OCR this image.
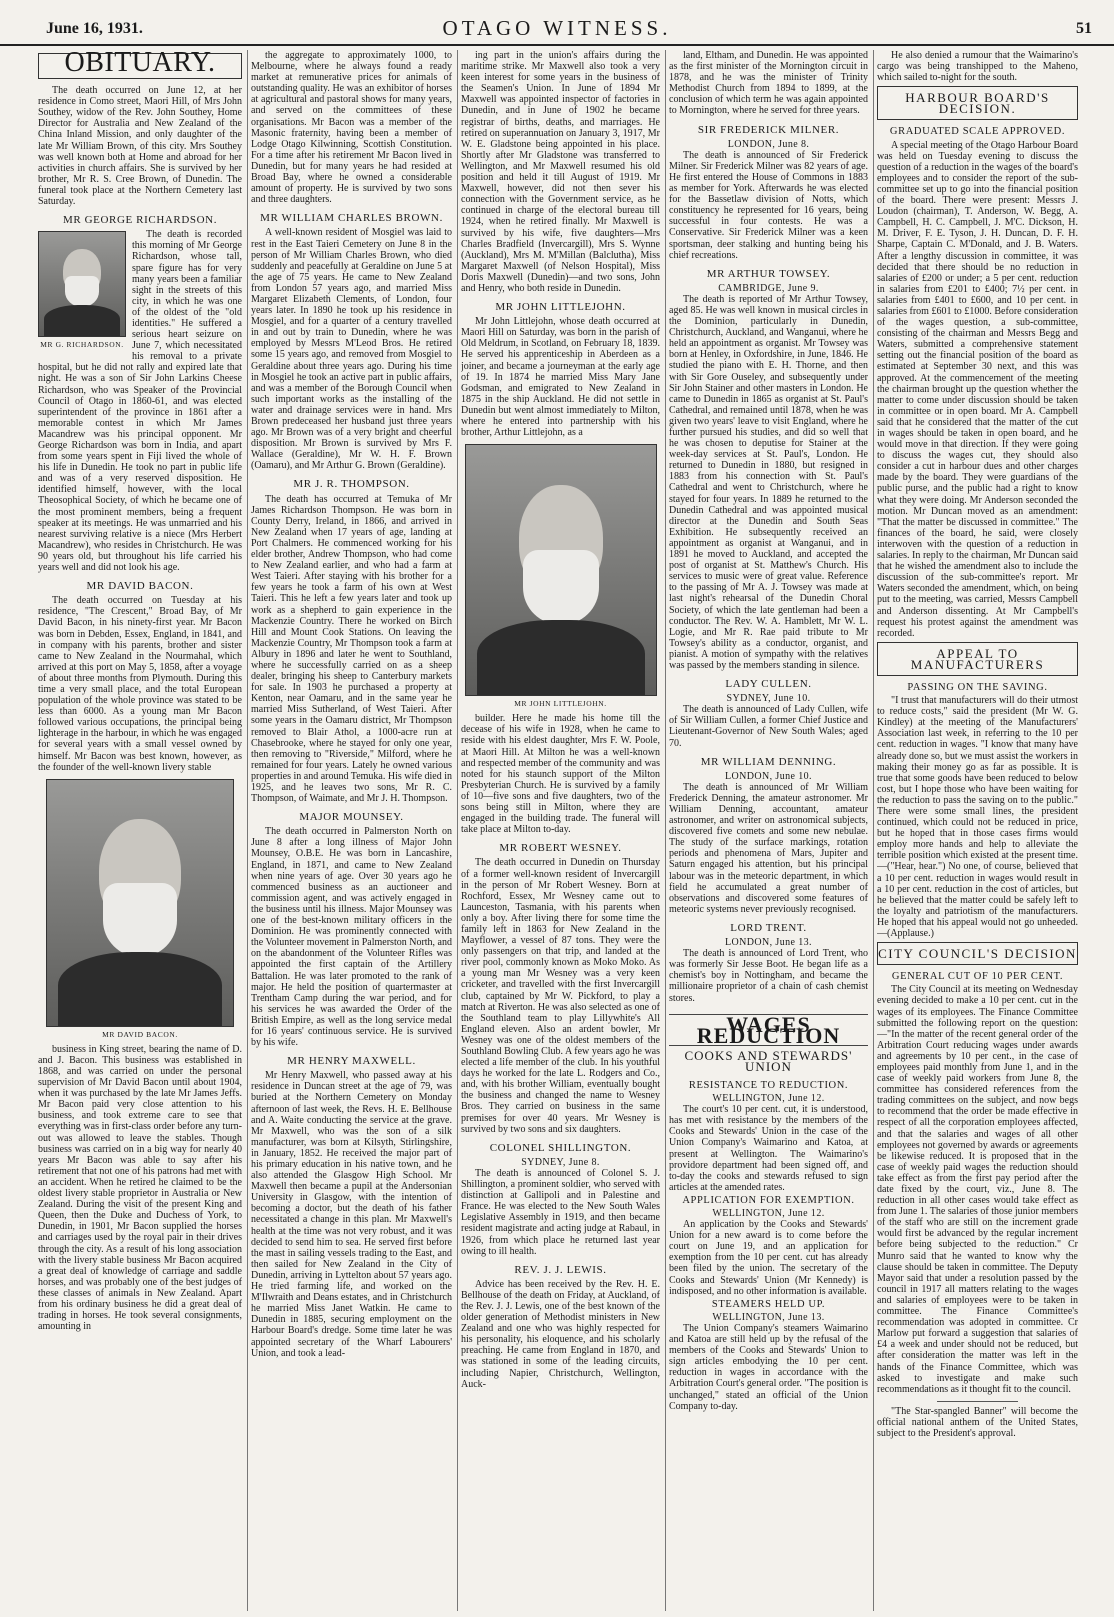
June 16, 1931.	OTAGO WITNESS.	51
OBITUARY.

The death occurred on June 12, at her residence in Como street, Maori Hill, of Mrs John Southey, widow of the Rev. John Southey, Home Director for Australia and New Zealand of the China Inland Mission, and only daughter of the late Mr William Brown, of this city. Mrs Southey was well known both at Home and abroad for her activities in church affairs. She is survived by her brother, Mr R. S. Cree Brown, of Dunedin. The funeral took place at the Northern Cemetery last Saturday.

MR GEORGE RICHARDSON.
MR G. RICHARDSON.

The death is recorded this morning of Mr George Richardson, whose tall, spare figure has for very many years been a familiar sight in the streets of this city, in which he was one of the oldest of the "old identities." He suffered a serious heart seizure on June 7, which necessitated his removal to a private hospital, but he did not rally and expired late that night. He was a son of Sir John Larkins Cheese Richardson, who was Speaker of the Provincial Council of Otago in 1860-61, and was elected superintendent of the province in 1861 after a memorable contest in which Mr James Macandrew was his principal opponent. Mr George Richardson was born in India, and apart from some years spent in Fiji lived the whole of his life in Dunedin. He took no part in public life and was of a very reserved disposition. He identified himself, however, with the local Theosophical Society, of which he became one of the most prominent members, being a frequent speaker at its meetings. He was unmarried and his nearest surviving relative is a niece (Mrs Herbert Macandrew), who resides in Christchurch. He was 90 years old, but throughout his life carried his years well and did not look his age.

MR DAVID BACON.

The death occurred on Tuesday at his residence, "The Crescent," Broad Bay, of Mr David Bacon, in his ninety-first year. Mr Bacon was born in Debden, Essex, England, in 1841, and in company with his parents, brother and sister came to New Zealand in the Nourmahal, which arrived at this port on May 5, 1858, after a voyage of about three months from Plymouth. During this time a very small place, and the total European population of the whole province was stated to be less than 6000. As a young man Mr Bacon followed various occupations, the principal being lighterage in the harbour, in which he was engaged for several years with a small vessel owned by himself. Mr Bacon was best known, however, as the founder of the well-known livery stable

MR DAVID BACON.

business in King street, bearing the name of D. and J. Bacon. This business was established in 1868, and was carried on under the personal supervision of Mr David Bacon until about 1904, when it was purchased by the late Mr James Jeffs. Mr Bacon paid very close attention to his business, and took extreme care to see that everything was in first-class order before any turn-out was allowed to leave the stables. Though business was carried on in a big way for nearly 40 years Mr Bacon was able to say after his retirement that not one of his patrons had met with an accident. When he retired he claimed to be the oldest livery stable proprietor in Australia or New Zealand. During the visit of the present King and Queen, then the Duke and Duchess of York, to Dunedin, in 1901, Mr Bacon supplied the horses and carriages used by the royal pair in their drives through the city. As a result of his long association with the livery stable business Mr Bacon acquired a great deal of knowledge of carriage and saddle horses, and was probably one of the best judges of these classes of animals in New Zealand. Apart from his ordinary business he did a great deal of trading in horses. He took several consignments, amounting in

the aggregate to approximately 1000, to Melbourne, where he always found a ready market at remunerative prices for animals of outstanding quality. He was an exhibitor of horses at agricultural and pastoral shows for many years, and served on the committees of these organisations. Mr Bacon was a member of the Masonic fraternity, having been a member of Lodge Otago Kilwinning, Scottish Constitution. For a time after his retirement Mr Bacon lived in Dunedin, but for many years he had resided at Broad Bay, where he owned a considerable amount of property. He is survived by two sons and three daughters.

MR WILLIAM CHARLES BROWN.

A well-known resident of Mosgiel was laid to rest in the East Taieri Cemetery on June 8 in the person of Mr William Charles Brown, who died suddenly and peacefully at Geraldine on June 5 at the age of 75 years. He came to New Zealand from London 57 years ago, and married Miss Margaret Elizabeth Clements, of London, four years later. In 1890 he took up his residence in Mosgiel, and for a quarter of a century travelled in and out by train to Dunedin, where he was employed by Messrs M'Leod Bros. He retired some 15 years ago, and removed from Mosgiel to Geraldine about three years ago. During his time in Mosgiel he took an active part in public affairs, and was a member of the Borough Council when such important works as the installing of the water and drainage services were in hand. Mrs Brown predeceased her husband just three years ago. Mr Brown was of a very bright and cheerful disposition. Mr Brown is survived by Mrs F. Wallace (Geraldine), Mr W. H. F. Brown (Oamaru), and Mr Arthur G. Brown (Geraldine).

MR J. R. THOMPSON.

The death has occurred at Temuka of Mr James Richardson Thompson. He was born in County Derry, Ireland, in 1866, and arrived in New Zealand when 17 years of age, landing at Port Chalmers. He commenced working for his elder brother, Andrew Thompson, who had come to New Zealand earlier, and who had a farm at West Taieri. After staying with his brother for a few years he took a farm of his own at West Taieri. This he left a few years later and took up work as a shepherd to gain experience in the Mackenzie Country. There he worked on Birch Hill and Mount Cook Stations. On leaving the Mackenzie Country, Mr Thompson took a farm at Albury in 1896 and later he went to Southland, where he successfully carried on as a sheep dealer, bringing his sheep to Canterbury markets for sale. In 1903 he purchased a property at Kenton, near Oamaru, and in the same year he married Miss Sutherland, of West Taieri. After some years in the Oamaru district, Mr Thompson removed to Blair Athol, a 1000-acre run at Chasebrooke, where he stayed for only one year, then removing to "Riverside," Milford, where he remained for four years. Lately he owned various properties in and around Temuka. His wife died in 1925, and he leaves two sons, Mr R. C. Thompson, of Waimate, and Mr J. H. Thompson.

MAJOR MOUNSEY.

The death occurred in Palmerston North on June 8 after a long illness of Major John Mounsey, O.B.E. He was born in Lancashire, England, in 1871, and came to New Zealand when nine years of age. Over 30 years ago he commenced business as an auctioneer and commission agent, and was actively engaged in the business until his illness. Major Mounsey was one of the best-known military officers in the Dominion. He was prominently connected with the Volunteer movement in Palmerston North, and on the abandonment of the Volunteer Rifles was appointed the first captain of the Artillery Battalion. He was later promoted to the rank of major. He held the position of quartermaster at Trentham Camp during the war period, and for his services he was awarded the Order of the British Empire, as well as the long service medal for 16 years' continuous service. He is survived by his wife.

MR HENRY MAXWELL.

Mr Henry Maxwell, who passed away at his residence in Duncan street at the age of 79, was buried at the Northern Cemetery on Monday afternoon of last week, the Revs. H. E. Bellhouse and A. Waite conducting the service at the grave. Mr Maxwell, who was the son of a silk manufacturer, was born at Kilsyth, Stirlingshire, in January, 1852. He received the major part of his primary education in his native town, and he also attended the Glasgow High School. Mr Maxwell then became a pupil at the Andersonian University in Glasgow, with the intention of becoming a doctor, but the death of his father necessitated a change in this plan. Mr Maxwell's health at the time was not very robust, and it was decided to send him to sea. He served first before the mast in sailing vessels trading to the East, and then sailed for New Zealand in the City of Dunedin, arriving in Lyttelton about 57 years ago. He tried farming life, and worked on the M'Ilwraith and Deans estates, and in Christchurch he married Miss Janet Watkin. He came to Dunedin in 1885, securing employment on the Harbour Board's dredge. Some time later he was appointed secretary of the Wharf Labourers' Union, and took a lead-

ing part in the union's affairs during the maritime strike. Mr Maxwell also took a very keen interest for some years in the business of the Seamen's Union. In June of 1894 Mr Maxwell was appointed inspector of factories in Dunedin, and in June of 1902 he became registrar of births, deaths, and marriages. He retired on superannuation on January 3, 1917, Mr W. E. Gladstone being appointed in his place. Shortly after Mr Gladstone was transferred to Wellington, and Mr Maxwell resumed his old position and held it till August of 1919. Mr Maxwell, however, did not then sever his connection with the Government service, as he continued in charge of the electoral bureau till 1924, when he retired finally. Mr Maxwell is survived by his wife, five daughters—Mrs Charles Bradfield (Invercargill), Mrs S. Wynne (Auckland), Mrs M. M'Millan (Balclutha), Miss Margaret Maxwell (of Nelson Hospital), Miss Doris Maxwell (Dunedin)—and two sons, John and Henry, who both reside in Dunedin.

MR JOHN LITTLEJOHN.

Mr John Littlejohn, whose death occurred at Maori Hill on Saturday, was born in the parish of Old Meldrum, in Scotland, on February 18, 1839. He served his apprenticeship in Aberdeen as a joiner, and became a journeyman at the early age of 19. In 1874 he married Miss Mary Jane Godsman, and emigrated to New Zealand in 1875 in the ship Auckland. He did not settle in Dunedin but went almost immediately to Milton, where he entered into partnership with his brother, Arthur Littlejohn, as a

MR JOHN LITTLEJOHN.

builder. Here he made his home till the decease of his wife in 1928, when he came to reside with his eldest daughter, Mrs F. W. Poole, at Maori Hill. At Milton he was a well-known and respected member of the community and was noted for his staunch support of the Milton Presbyterian Church. He is survived by a family of 10—five sons and five daughters, two of the sons being still in Milton, where they are engaged in the building trade. The funeral will take place at Milton to-day.

MR ROBERT WESNEY.

The death occurred in Dunedin on Thursday of a former well-known resident of Invercargill in the person of Mr Robert Wesney. Born at Rochford, Essex, Mr Wesney came out to Launceston, Tasmania, with his parents when only a boy. After living there for some time the family left in 1863 for New Zealand in the Mayflower, a vessel of 87 tons. They were the only passengers on that trip, and landed at the river pool, commonly known as Moko Moko. As a young man Mr Wesney was a very keen cricketer, and travelled with the first Invercargill club, captained by Mr W. Pickford, to play a match at Riverton. He was also selected as one of the Southland team to play Lillywhite's All England eleven. Also an ardent bowler, Mr Wesney was one of the oldest members of the Southland Bowling Club. A few years ago he was elected a life member of the club. In his youthful days he worked for the late L. Rodgers and Co., and, with his brother William, eventually bought the business and changed the name to Wesney Bros. They carried on business in the same premises for over 40 years. Mr Wesney is survived by two sons and six daughters.

COLONEL SHILLINGTON.

SYDNEY, June 8.

The death is announced of Colonel S. J. Shillington, a prominent soldier, who served with distinction at Gallipoli and in Palestine and France. He was elected to the New South Wales Legislative Assembly in 1919, and then became resident magistrate and acting judge at Rabaul, in 1926, from which place he returned last year owing to ill health.

REV. J. J. LEWIS.

Advice has been received by the Rev. H. E. Bellhouse of the death on Friday, at Auckland, of the Rev. J. J. Lewis, one of the best known of the older generation of Methodist ministers in New Zealand and one who was highly respected for his personality, his eloquence, and his scholarly preaching. He came from England in 1870, and was stationed in some of the leading circuits, including Napier, Christchurch, Wellington, Auck-

land, Eltham, and Dunedin. He was appointed as the first minister of the Mornington circuit in 1878, and he was the minister of Trinity Methodist Church from 1894 to 1899, at the conclusion of which term he was again appointed to Mornington, where he served for three years.

SIR FREDERICK MILNER.

LONDON, June 8.

The death is announced of Sir Frederick Milner. Sir Frederick Milner was 82 years of age. He first entered the House of Commons in 1883 as member for York. Afterwards he was elected for the Bassetlaw division of Notts, which constituency he represented for 16 years, being successful in four contests. He was a Conservative. Sir Frederick Milner was a keen sportsman, deer stalking and hunting being his chief recreations.

MR ARTHUR TOWSEY.

CAMBRIDGE, June 9.

The death is reported of Mr Arthur Towsey, aged 85. He was well known in musical circles in the Dominion, particularly in Dunedin, Christchurch, Auckland, and Wanganui, where he held an appointment as organist. Mr Towsey was born at Henley, in Oxfordshire, in June, 1846. He studied the piano with E. H. Thorne, and then with Sir Gore Ouseley, and subsequently under Sir John Stainer and other masters in London. He came to Dunedin in 1865 as organist at St. Paul's Cathedral, and remained until 1878, when he was given two years' leave to visit England, where he further pursued his studies, and did so well that he was chosen to deputise for Stainer at the week-day services at St. Paul's, London. He returned to Dunedin in 1880, but resigned in 1883 from his connection with St. Paul's Cathedral and went to Christchurch, where he stayed for four years. In 1889 he returned to the Dunedin Cathedral and was appointed musical director at the Dunedin and South Seas Exhibition. He subsequently received an appointment as organist at Wanganui, and in 1891 he moved to Auckland, and accepted the post of organist at St. Matthew's Church. His services to music were of great value. Reference to the passing of Mr A. J. Towsey was made at last night's rehearsal of the Dunedin Choral Society, of which the late gentleman had been a conductor. The Rev. W. A. Hamblett, Mr W. L. Logie, and Mr R. Rae paid tribute to Mr Towsey's ability as a conductor, organist, and pianist. A motion of sympathy with the relatives was passed by the members standing in silence.

LADY CULLEN.

SYDNEY, June 10.

The death is announced of Lady Cullen, wife of Sir William Cullen, a former Chief Justice and Lieutenant-Governor of New South Wales; aged 70.

MR WILLIAM DENNING.

LONDON, June 10.

The death is announced of Mr William Frederick Denning, the amateur astronomer. Mr William Denning, accountant, amateur astronomer, and writer on astronomical subjects, discovered five comets and some new nebulae. The study of the surface markings, rotation periods and phenomena of Mars, Jupiter and Saturn engaged his attention, but his principal labour was in the meteoric department, in which field he accumulated a great number of observations and discovered some features of meteoric systems never previously recognised.

LORD TRENT.

LONDON, June 13.

The death is announced of Lord Trent, who was formerly Sir Jesse Boot. He began life as a chemist's boy in Nottingham, and became the millionaire proprietor of a chain of cash chemist stores.

WAGES REDUCTION
COOKS AND STEWARDS' UNION
RESISTANCE TO REDUCTION.

WELLINGTON, June 12.

The court's 10 per cent. cut, it is understood, has met with resistance by the members of the Cooks and Stewards' Union in the case of the Union Company's Waimarino and Katoa, at present at Wellington. The Waimarino's providore department had been signed off, and to-day the cooks and stewards refused to sign articles at the amended rates.

APPLICATION FOR EXEMPTION.

WELLINGTON, June 12.

An application by the Cooks and Stewards' Union for a new award is to come before the court on June 19, and an application for exemption from the 10 per cent. cut has already been filed by the union. The secretary of the Cooks and Stewards' Union (Mr Kennedy) is indisposed, and no other information is available.

STEAMERS HELD UP.

WELLINGTON, June 13.

The Union Company's steamers Waimarino and Katoa are still held up by the refusal of the members of the Cooks and Stewards' Union to sign articles embodying the 10 per cent. reduction in wages in accordance with the Arbitration Court's general order. "The position is unchanged," stated an official of the Union Company to-day.

He also denied a rumour that the Waimarino's cargo was being transhipped to the Maheno, which sailed to-night for the south.

HARBOUR BOARD'S DECISION.
GRADUATED SCALE APPROVED.

A special meeting of the Otago Harbour Board was held on Tuesday evening to discuss the question of a reduction in the wages of the board's employees and to consider the report of the sub-committee set up to go into the financial position of the board. There were present: Messrs J. Loudon (chairman), T. Anderson, W. Begg, A. Campbell, H. C. Campbell, J. M'C. Dickson, H. M. Driver, F. E. Tyson, J. H. Duncan, D. F. H. Sharpe, Captain C. M'Donald, and J. B. Waters. After a lengthy discussion in committee, it was decided that there should be no reduction in salaries of £200 or under; a 5 per cent. reduction in salaries from £201 to £400; 7½ per cent. in salaries from £401 to £600, and 10 per cent. in salaries from £601 to £1000. Before consideration of the wages question, a sub-committee, consisting of the chairman and Messrs Begg and Waters, submitted a comprehensive statement setting out the financial position of the board as estimated at September 30 next, and this was approved. At the commencement of the meeting the chairman brought up the question whether the matter to come under discussion should be taken in committee or in open board. Mr A. Campbell said that he considered that the matter of the cut in wages should be taken in open board, and he would move in that direction. If they were going to discuss the wages cut, they should also consider a cut in harbour dues and other charges made by the board. They were guardians of the public purse, and the public had a right to know what they were doing. Mr Anderson seconded the motion. Mr Duncan moved as an amendment: "That the matter be discussed in committee." The finances of the board, he said, were closely interwoven with the question of a reduction in salaries. In reply to the chairman, Mr Duncan said that he wished the amendment also to include the discussion of the sub-committee's report. Mr Waters seconded the amendment, which, on being put to the meeting, was carried, Messrs Campbell and Anderson dissenting. At Mr Campbell's request his protest against the amendment was recorded.

APPEAL TO MANUFACTURERS
PASSING ON THE SAVING.

"I trust that manufacturers will do their utmost to reduce costs," said the president (Mr W. G. Kindley) at the meeting of the Manufacturers' Association last week, in referring to the 10 per cent. reduction in wages. "I know that many have already done so, but we must assist the workers in making their money go as far as possible. It is true that some goods have been reduced to below cost, but I hope those who have been waiting for the reduction to pass the saving on to the public." There were some small lines, the president continued, which could not be reduced in price, but he hoped that in those cases firms would employ more hands and help to alleviate the terrible position which existed at the present time.—("Hear, hear.") No one, of course, believed that a 10 per cent. reduction in wages would result in a 10 per cent. reduction in the cost of articles, but he believed that the matter could be safely left to the loyalty and patriotism of the manufacturers. He hoped that his appeal would not go unheeded.—(Applause.)

CITY COUNCIL'S DECISION
GENERAL CUT OF 10 PER CENT.

The City Council at its meeting on Wednesday evening decided to make a 10 per cent. cut in the wages of its employees. The Finance Committee submitted the following report on the question:—"In the matter of the recent general order of the Arbitration Court reducing wages under awards and agreements by 10 per cent., in the case of employees paid monthly from June 1, and in the case of weekly paid workers from June 8, the committee has considered references from the trading committees on the subject, and now begs to recommend that the order be made effective in respect of all the corporation employees affected, and that the salaries and wages of all other employees not governed by awards or agreements be likewise reduced. It is proposed that in the case of weekly paid wages the reduction should take effect as from the first pay period after the date fixed by the court, viz., June 8. The reduction in all other cases would take effect as from June 1. The salaries of those junior members of the staff who are still on the increment grade would first be advanced by the regular increment before being subjected to the reduction." Cr Munro said that he wanted to know why the clause should be taken in committee. The Deputy Mayor said that under a resolution passed by the council in 1917 all matters relating to the wages and salaries of employees were to be taken in committee. The Finance Committee's recommendation was adopted in committee. Cr Marlow put forward a suggestion that salaries of £4 a week and under should not be reduced, but after consideration the matter was left in the hands of the Finance Committee, which was asked to investigate and make such recommendations as it thought fit to the council.

"The Star-spangled Banner" will become the official national anthem of the United States, subject to the President's approval.
